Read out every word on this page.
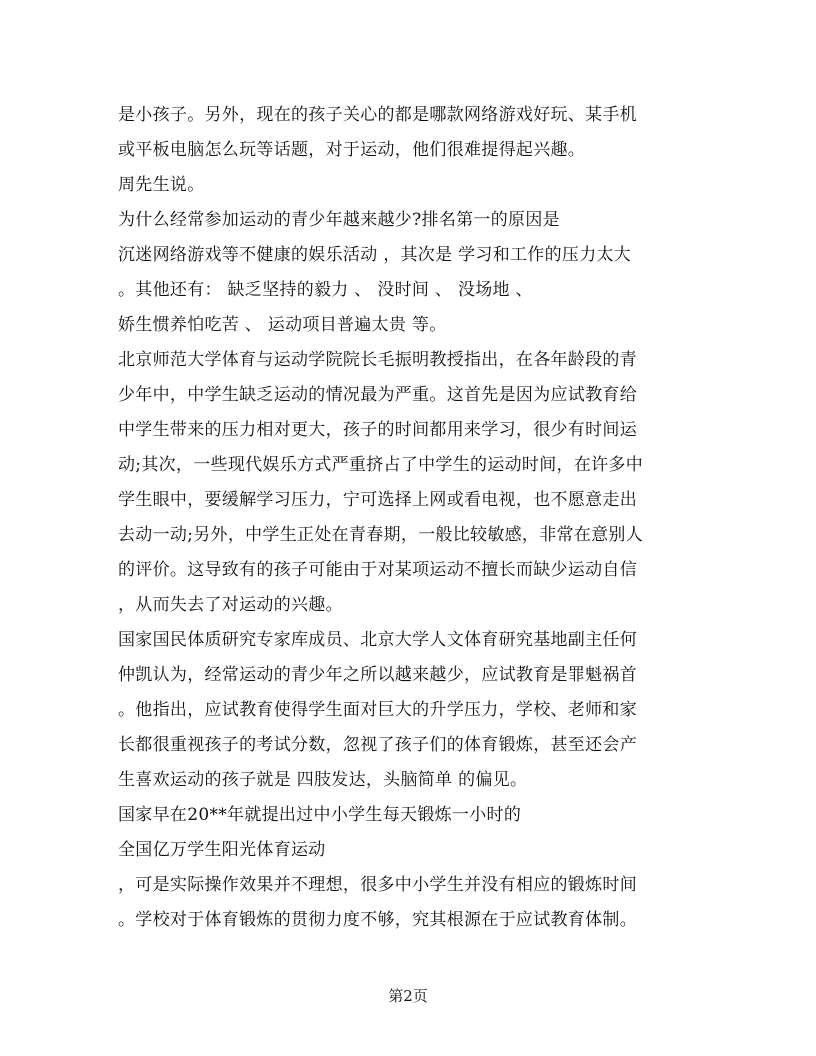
是小孩子。另外，现在的孩子关心的都是哪款网络游戏好玩、某手机
或平板电脑怎么玩等话题，对于运动，他们很难提得起兴趣。
周先生说。
为什么经常参加运动的青少年越来越少?排名第一的原因是
沉迷网络游戏等不健康的娱乐活动 ，其次是 学习和工作的压力太大
。其他还有： 缺乏坚持的毅力 、 没时间 、 没场地 、
娇生惯养怕吃苦 、 运动项目普遍太贵 等。
北京师范大学体育与运动学院院长毛振明教授指出，在各年龄段的青
少年中，中学生缺乏运动的情况最为严重。这首先是因为应试教育给
中学生带来的压力相对更大，孩子的时间都用来学习，很少有时间运
动;其次，一些现代娱乐方式严重挤占了中学生的运动时间，在许多中
学生眼中，要缓解学习压力，宁可选择上网或看电视，也不愿意走出
去动一动;另外，中学生正处在青春期，一般比较敏感，非常在意别人
的评价。这导致有的孩子可能由于对某项运动不擅长而缺少运动自信
，从而失去了对运动的兴趣。
国家国民体质研究专家库成员、北京大学人文体育研究基地副主任何
仲凯认为，经常运动的青少年之所以越来越少，应试教育是罪魁祸首
。他指出，应试教育使得学生面对巨大的升学压力，学校、老师和家
长都很重视孩子的考试分数，忽视了孩子们的体育锻炼，甚至还会产
生喜欢运动的孩子就是 四肢发达，头脑简单 的偏见。
国家早在20**年就提出过中小学生每天锻炼一小时的
全国亿万学生阳光体育运动
，可是实际操作效果并不理想，很多中小学生并没有相应的锻炼时间
。学校对于体育锻炼的贯彻力度不够，究其根源在于应试教育体制。
第2页
